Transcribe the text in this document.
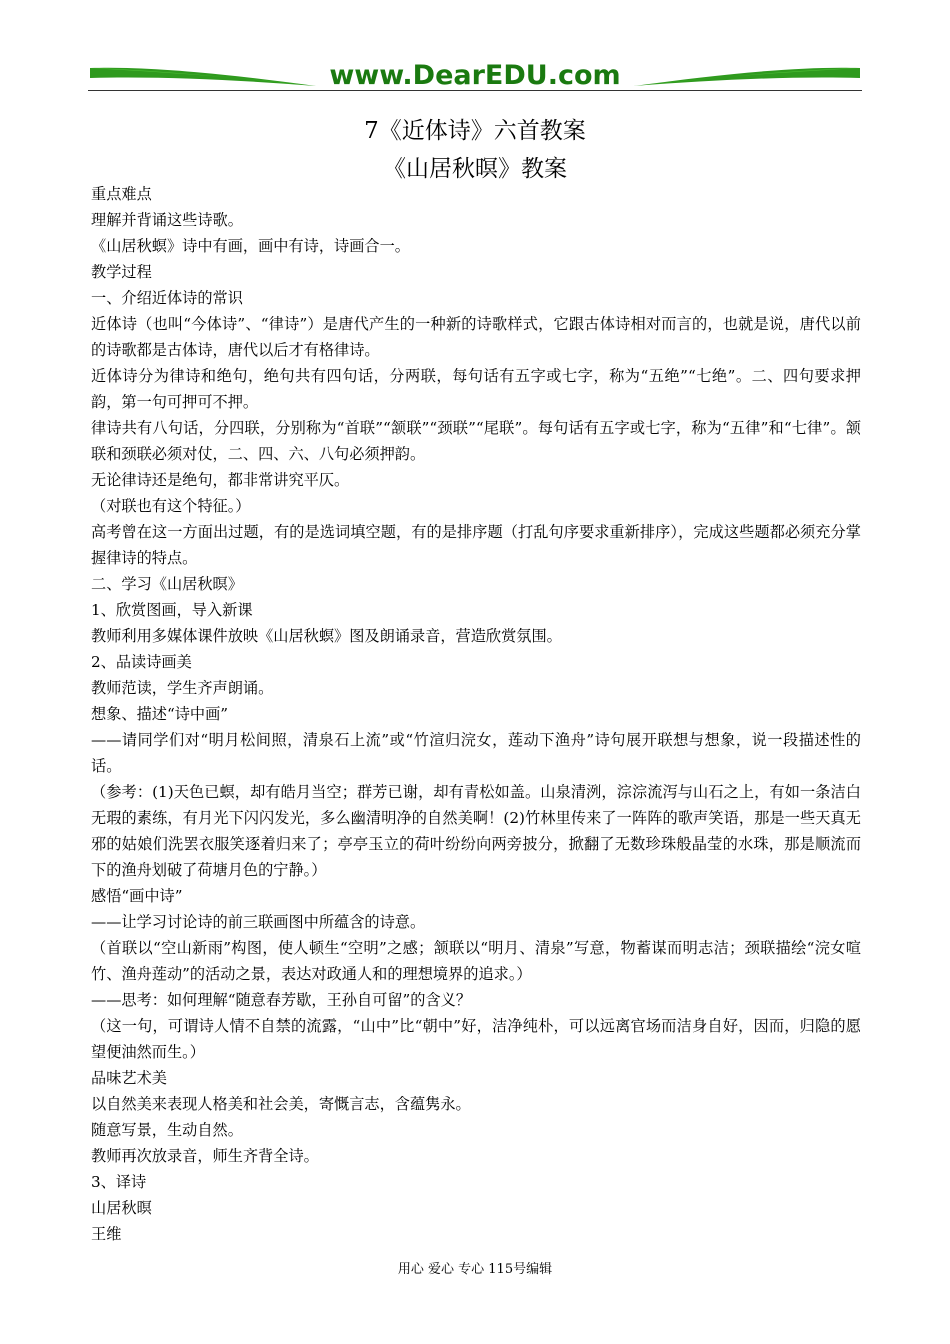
www.DearEDU.com
7《近体诗》六首教案
《山居秋暝》教案

重点难点

理解并背诵这些诗歌。

《山居秋螟》诗中有画，画中有诗，诗画合一。

教学过程

一、介绍近体诗的常识

近体诗（也叫“今体诗”、“律诗”）是唐代产生的一种新的诗歌样式，它跟古体诗相对而言的，也就是说，唐代以前的诗歌都是古体诗，唐代以后才有格律诗。

近体诗分为律诗和绝句，绝句共有四句话，分两联，每句话有五字或七字，称为“五绝”“七绝”。二、四句要求押韵，第一句可押可不押。

律诗共有八句话，分四联，分别称为“首联”“颔联”“颈联”“尾联”。每句话有五字或七字，称为“五律”和“七律”。颔联和颈联必须对仗，二、四、六、八句必须押韵。

无论律诗还是绝句，都非常讲究平仄。

（对联也有这个特征。）

高考曾在这一方面出过题，有的是选词填空题，有的是排序题（打乱句序要求重新排序），完成这些题都必须充分掌握律诗的特点。

二、学习《山居秋暝》

1、欣赏图画，导入新课

教师利用多媒体课件放映《山居秋螟》图及朗诵录音，营造欣赏氛围。

2、品读诗画美

教师范读，学生齐声朗诵。

想象、描述“诗中画”

——请同学们对“明月松间照，清泉石上流”或“竹渲归浣女，莲动下渔舟”诗句展开联想与想象，说一段描述性的话。

（参考：(1)天色已螟，却有皓月当空；群芳已谢，却有青松如盖。山泉清洌，淙淙流泻与山石之上，有如一条洁白无瑕的素练，有月光下闪闪发光，多么幽清明净的自然美啊！(2)竹林里传来了一阵阵的歌声笑语，那是一些天真无邪的姑娘们洗罢衣服笑逐着归来了；亭亭玉立的荷叶纷纷向两旁披分，掀翻了无数珍珠般晶莹的水珠，那是顺流而下的渔舟划破了荷塘月色的宁静。）

感悟“画中诗”

——让学习讨论诗的前三联画图中所蕴含的诗意。

（首联以“空山新雨”构图，使人顿生“空明”之感；颔联以“明月、清泉”写意，物蓄谋而明志洁；颈联描绘“浣女喧竹、渔舟莲动”的活动之景，表达对政通人和的理想境界的追求。）

——思考：如何理解“随意春芳歇，王孙自可留”的含义？

（这一句，可谓诗人情不自禁的流露，“山中”比“朝中”好，洁净纯朴，可以远离官场而洁身自好，因而，归隐的愿望便油然而生。）

品味艺术美

以自然美来表现人格美和社会美，寄慨言志，含蕴隽永。

随意写景，生动自然。

教师再次放录音，师生齐背全诗。

3、译诗

山居秋暝

王维

用心 爱心 专心 115号编辑
